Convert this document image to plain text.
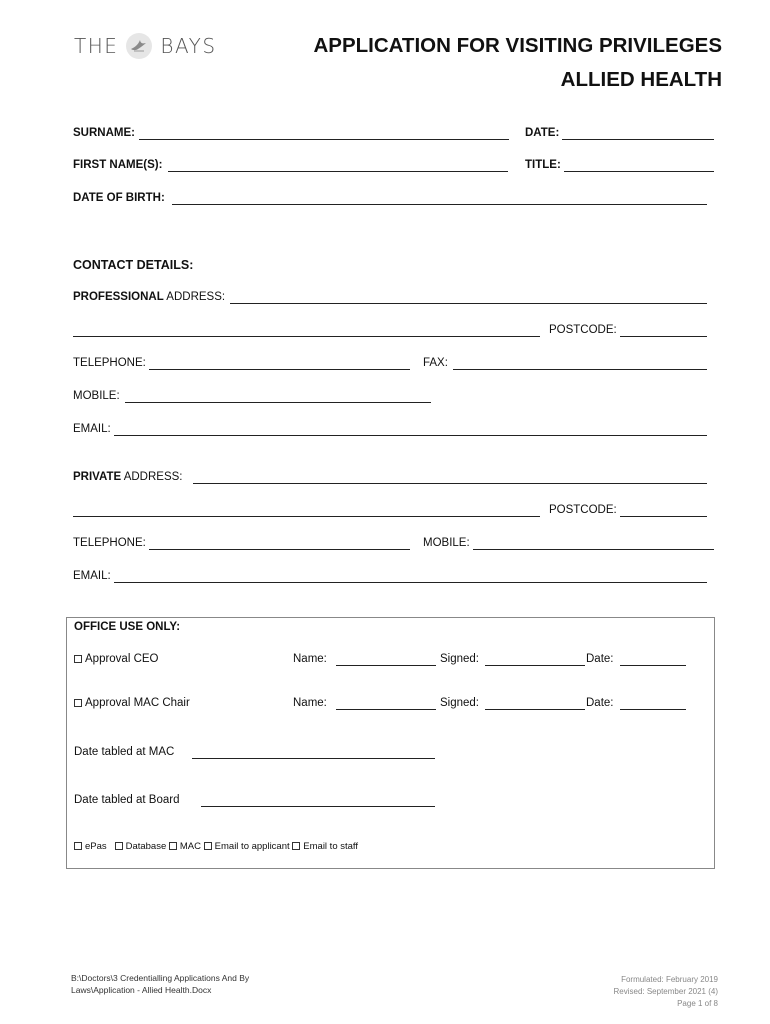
THE BAYS	APPLICATION FOR VISITING PRIVILEGES
ALLIED HEALTH
SURNAME:	DATE:
FIRST NAME(S):	TITLE:
DATE OF BIRTH:
CONTACT DETAILS:
PROFESSIONAL ADDRESS:
POSTCODE:
TELEPHONE:	FAX:
MOBILE:
EMAIL:
PRIVATE ADDRESS:
POSTCODE:
TELEPHONE:	MOBILE:
EMAIL:
OFFICE USE ONLY:
Approval CEO	Name:	Signed:	Date:
Approval MAC Chair	Name:	Signed:	Date:
Date tabled at MAC
Date tabled at Board
ePas Database MAC Email to applicant Email to staff
B:\Doctors\3 Credentialling Applications And By
Laws\Application - Allied Health.Docx
Formulated: February 2019
Revised: September 2021 (4)
Page 1 of 8
